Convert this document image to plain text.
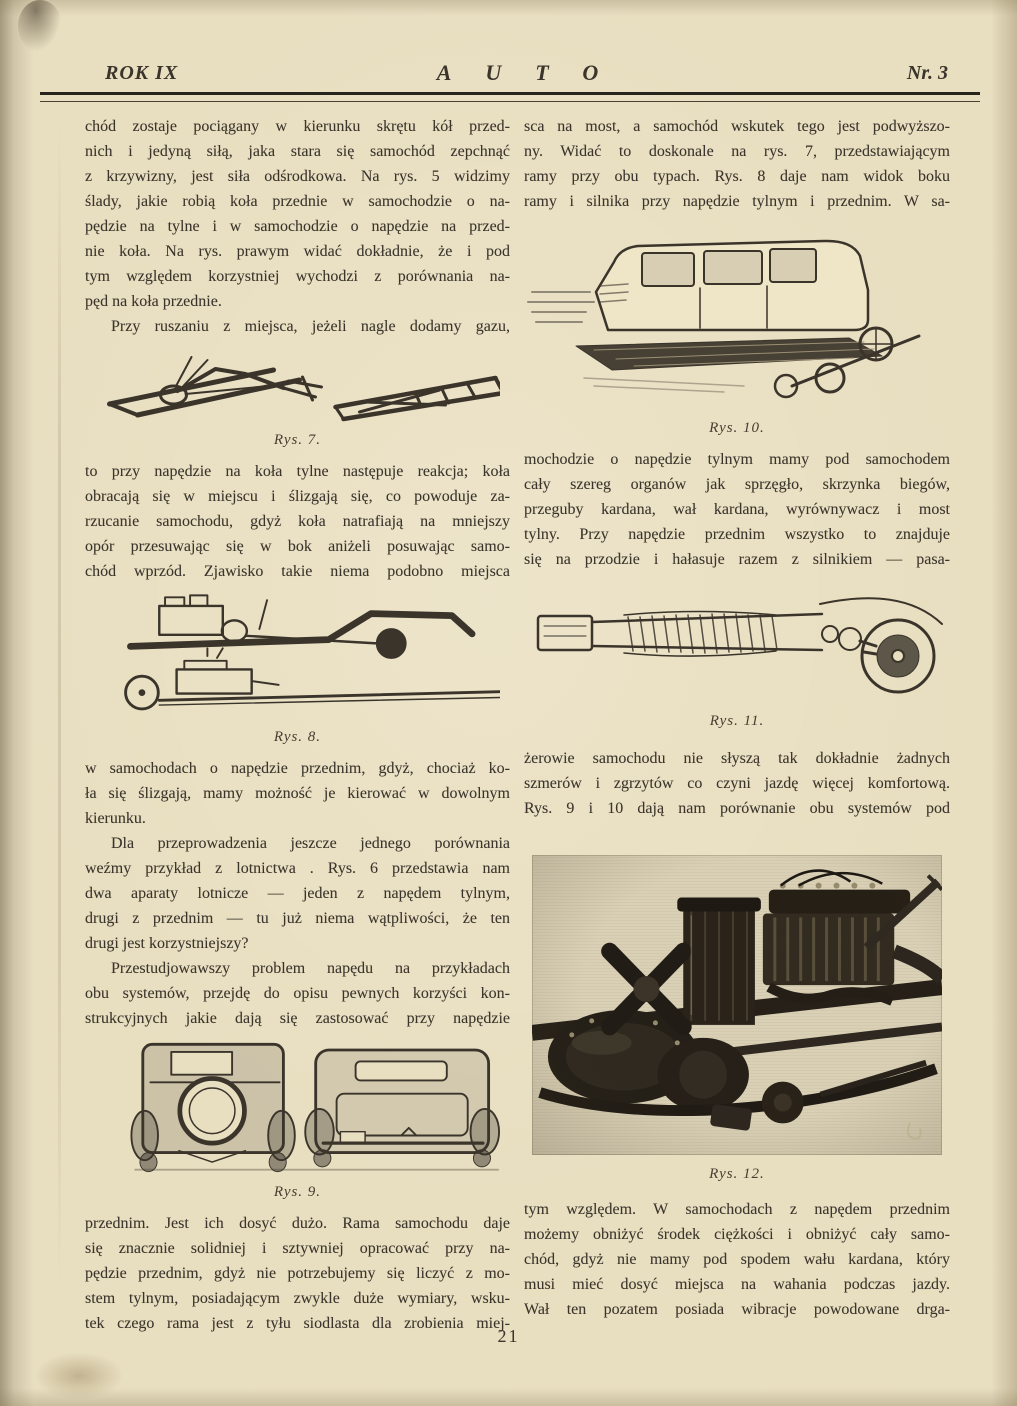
ROK IX	AUTO	Nr. 3
chód zostaje pociągany w kierunku skrętu kół przed-
nich i jedyną siłą, jaka stara się samochód zepchnąć
z krzywizny, jest siła odśrodkowa. Na rys. 5 widzimy
ślady, jakie robią koła przednie w samochodzie o na-
pędzie na tylne i w samochodzie o napędzie na przed-
nie koła. Na rys. prawym widać dokładnie, że i pod
tym względem korzystniej wychodzi z porównania na-
pęd na koła przednie.
Przy ruszaniu z miejsca, jeżeli nagle dodamy gazu,
Rys. 7.
to przy napędzie na koła tylne następuje reakcja; koła
obracają się w miejscu i ślizgają się, co powoduje za-
rzucanie samochodu, gdyż koła natrafiają na mniejszy
opór przesuwając się w bok aniżeli posuwając samo-
chód wprzód. Zjawisko takie niema podobno miejsca
Rys. 8.
w samochodach o napędzie przednim, gdyż, chociaż ko-
ła się ślizgają, mamy możność je kierować w dowolnym
kierunku.
Dla przeprowadzenia jeszcze jednego porównania
weźmy przykład z lotnictwa . Rys. 6 przedstawia nam
dwa aparaty lotnicze — jeden z napędem tylnym,
drugi z przednim — tu już niema wątpliwości, że ten
drugi jest korzystniejszy?
Przestudjowawszy problem napędu na przykładach
obu systemów, przejdę do opisu pewnych korzyści kon-
strukcyjnych jakie dają się zastosować przy napędzie
Rys. 9.
przednim. Jest ich dosyć dużo. Rama samochodu daje
się znacznie solidniej i sztywniej opracować przy na-
pędzie przednim, gdyż nie potrzebujemy się liczyć z mo-
stem tylnym, posiadającym zwykle duże wymiary, wsku-
tek czego rama jest z tyłu siodlasta dla zrobienia miej-
sca na most, a samochód wskutek tego jest podwyższo-
ny. Widać to doskonale na rys. 7, przedstawiającym
ramy przy obu typach. Rys. 8 daje nam widok boku
ramy i silnika przy napędzie tylnym i przednim. W sa-
Rys. 10.
mochodzie o napędzie tylnym mamy pod samochodem
cały szereg organów jak sprzęgło, skrzynka biegów,
przeguby kardana, wał kardana, wyrównywacz i most
tylny. Przy napędzie przednim wszystko to znajduje
się na przodzie i hałasuje razem z silnikiem — pasa-
Rys. 11.
żerowie samochodu nie słyszą tak dokładnie żadnych
szmerów i zgrzytów co czyni jazdę więcej komfortową.
Rys. 9 i 10 dają nam porównanie obu systemów pod
Rys. 12.
tym względem. W samochodach z napędem przednim
możemy obniżyć środek ciężkości i obniżyć cały samo-
chód, gdyż nie mamy pod spodem wału kardana, który
musi mieć dosyć miejsca na wahania podczas jazdy.
Wał ten pozatem posiada wibracje powodowane drga-
21
